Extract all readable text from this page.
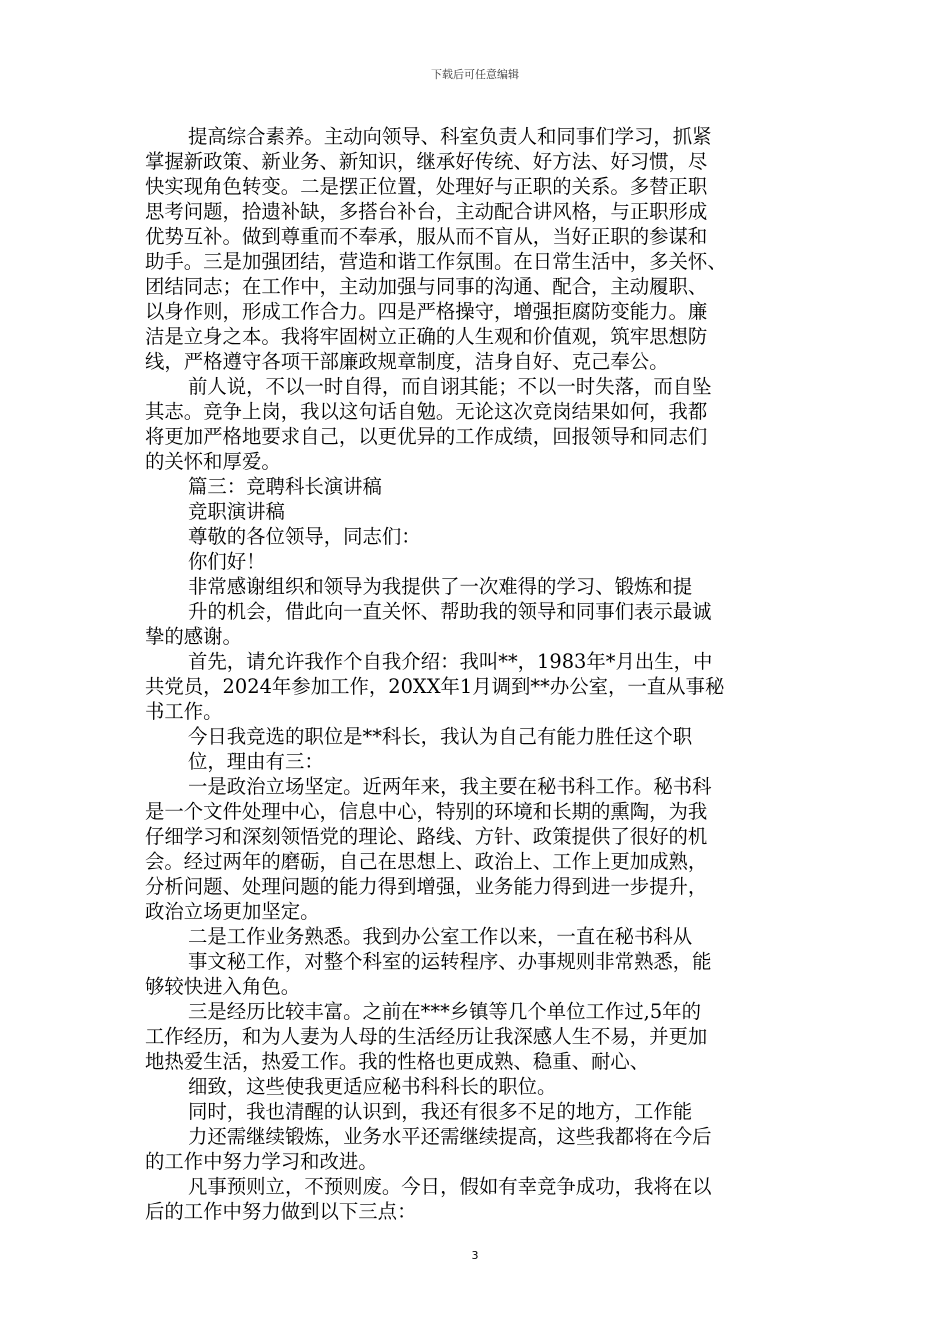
下载后可任意编辑
提高综合素养。主动向领导、科室负责人和同事们学习，抓紧
掌握新政策、新业务、新知识，继承好传统、好方法、好习惯，尽
快实现角色转变。二是摆正位置，处理好与正职的关系。多替正职
思考问题，拾遗补缺，多搭台补台，主动配合讲风格，与正职形成
优势互补。做到尊重而不奉承，服从而不盲从，当好正职的参谋和
助手。三是加强团结，营造和谐工作氛围。在日常生活中，多关怀、
团结同志；在工作中，主动加强与同事的沟通、配合，主动履职、
以身作则，形成工作合力。四是严格操守，增强拒腐防变能力。廉
洁是立身之本。我将牢固树立正确的人生观和价值观，筑牢思想防
线，严格遵守各项干部廉政规章制度，洁身自好、克己奉公。
前人说，不以一时自得，而自诩其能；不以一时失落，而自坠
其志。竞争上岗，我以这句话自勉。无论这次竞岗结果如何，我都
将更加严格地要求自己，以更优异的工作成绩，回报领导和同志们
的关怀和厚爱。
篇三：竞聘科长演讲稿
竞职演讲稿
尊敬的各位领导，同志们：
你们好！
非常感谢组织和领导为我提供了一次难得的学习、锻炼和提
升的机会，借此向一直关怀、帮助我的领导和同事们表示最诚
挚的感谢。
首先，请允许我作个自我介绍：我叫**，1983年*月出生，中
共党员，2024年参加工作，20XX年1月调到**办公室，一直从事秘
书工作。
今日我竞选的职位是**科长，我认为自己有能力胜任这个职
位，理由有三：
一是政治立场坚定。近两年来，我主要在秘书科工作。秘书科
是一个文件处理中心，信息中心，特别的环境和长期的熏陶，为我
仔细学习和深刻领悟党的理论、路线、方针、政策提供了很好的机
会。经过两年的磨砺，自己在思想上、政治上、工作上更加成熟，
分析问题、处理问题的能力得到增强，业务能力得到进一步提升，
政治立场更加坚定。
二是工作业务熟悉。我到办公室工作以来，一直在秘书科从
事文秘工作，对整个科室的运转程序、办事规则非常熟悉，能
够较快进入角色。
三是经历比较丰富。之前在***乡镇等几个单位工作过,5年的
工作经历，和为人妻为人母的生活经历让我深感人生不易，并更加
地热爱生活，热爱工作。我的性格也更成熟、稳重、耐心、
细致，这些使我更适应秘书科科长的职位。
同时，我也清醒的认识到，我还有很多不足的地方，工作能
力还需继续锻炼，业务水平还需继续提高，这些我都将在今后
的工作中努力学习和改进。
凡事预则立，不预则废。今日，假如有幸竞争成功，我将在以
后的工作中努力做到以下三点：
3
